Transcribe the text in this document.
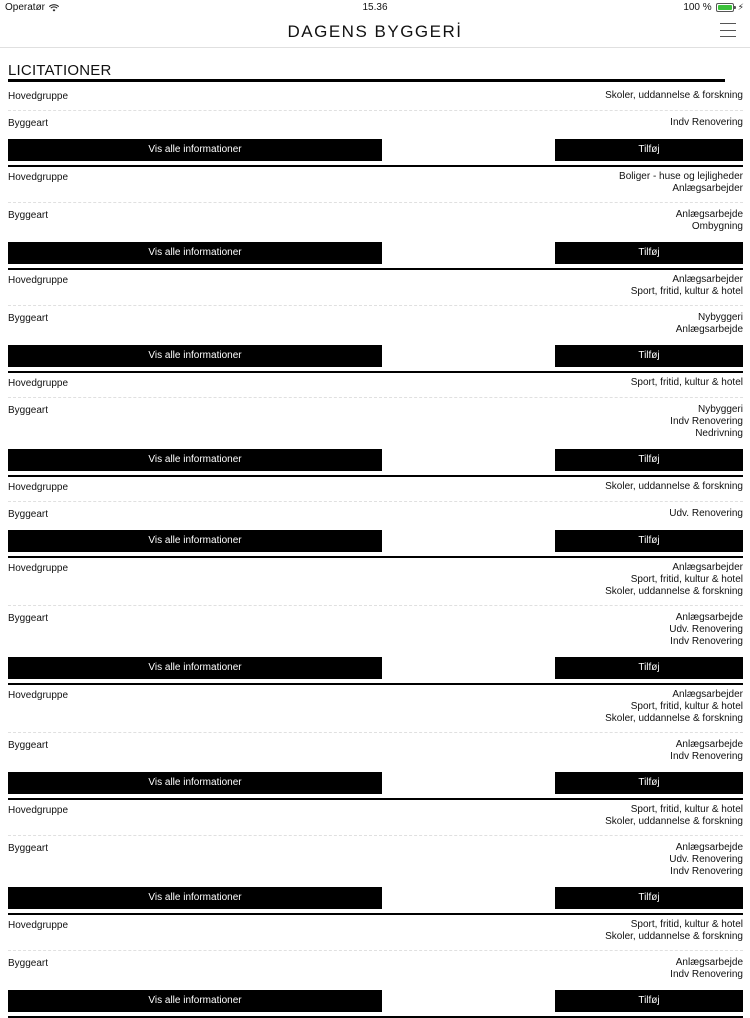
Operatør	15.36	100 %	⚡
DAGENS BYGGERİ
LICITATIONER
Hovedgruppe	Skoler, uddannelse & forskning
Byggeart	Indv Renovering
Vis alle informationer	Tilføj
Hovedgruppe	Boliger - huse og lejligheder
Anlægsarbejder
Byggeart	Anlægsarbejde
Ombygning
Vis alle informationer	Tilføj
Hovedgruppe	Anlægsarbejder
Sport, fritid, kultur & hotel
Byggeart	Nybyggeri
Anlægsarbejde
Vis alle informationer	Tilføj
Hovedgruppe	Sport, fritid, kultur & hotel
Byggeart	Nybyggeri
Indv Renovering
Nedrivning
Vis alle informationer	Tilføj
Hovedgruppe	Skoler, uddannelse & forskning
Byggeart	Udv. Renovering
Vis alle informationer	Tilføj
Hovedgruppe	Anlægsarbejder
Sport, fritid, kultur & hotel
Skoler, uddannelse & forskning
Byggeart	Anlægsarbejde
Udv. Renovering
Indv Renovering
Vis alle informationer	Tilføj
Hovedgruppe	Anlægsarbejder
Sport, fritid, kultur & hotel
Skoler, uddannelse & forskning
Byggeart	Anlægsarbejde
Indv Renovering
Vis alle informationer	Tilføj
Hovedgruppe	Sport, fritid, kultur & hotel
Skoler, uddannelse & forskning
Byggeart	Anlægsarbejde
Udv. Renovering
Indv Renovering
Vis alle informationer	Tilføj
Hovedgruppe	Sport, fritid, kultur & hotel
Skoler, uddannelse & forskning
Byggeart	Anlægsarbejde
Indv Renovering
Vis alle informationer	Tilføj
